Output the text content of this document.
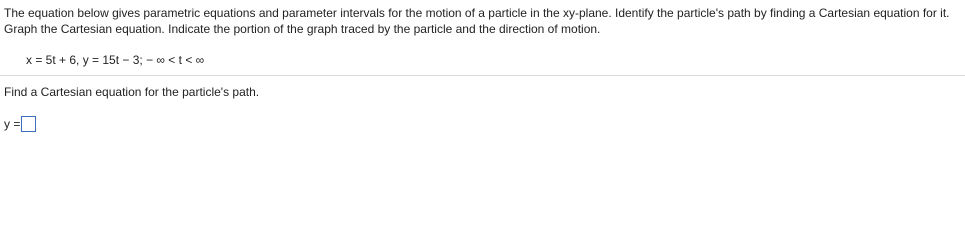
The equation below gives parametric equations and parameter intervals for the motion of a particle in the xy-plane. Identify the particle's path by finding a Cartesian equation for it. Graph the Cartesian equation. Indicate the portion of the graph traced by the particle and the direction of motion.
x = 5t + 6, y = 15t − 3; − ∞ < t < ∞
Find a Cartesian equation for the particle's path.
y =
